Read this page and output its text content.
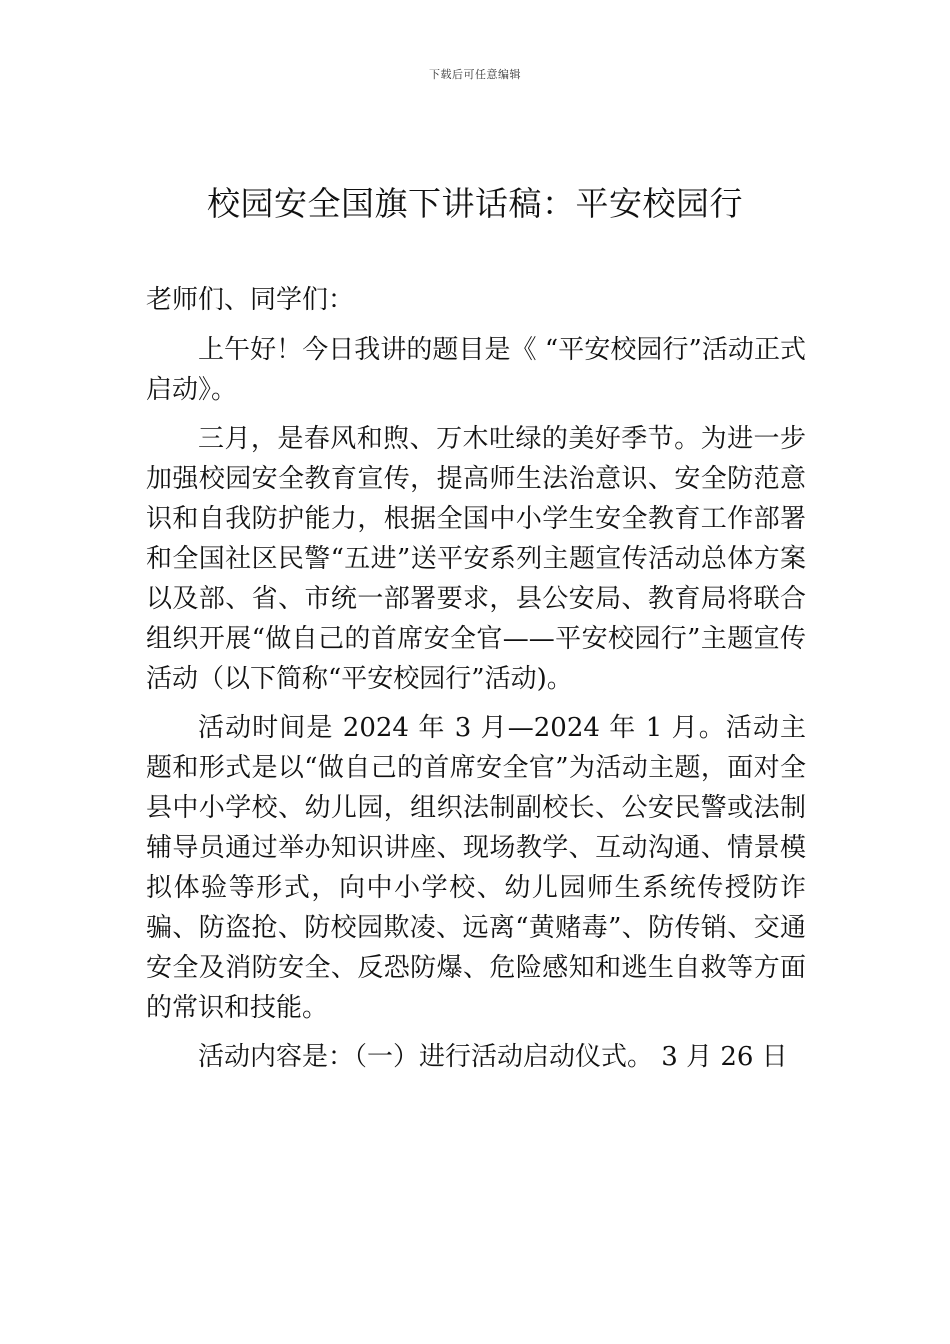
下载后可任意编辑
校园安全国旗下讲话稿：平安校园行

老师们、同学们：

上午好！今日我讲的题目是《 “平安校园行”活动正式启动》。

三月，是春风和煦、万木吐绿的美好季节。为进一步加强校园安全教育宣传，提高师生法治意识、安全防范意识和自我防护能力，根据全国中小学生安全教育工作部署和全国社区民警“五进”送平安系列主题宣传活动总体方案以及部、省、市统一部署要求，县公安局、教育局将联合组织开展“做自己的首席安全官——平安校园行”主题宣传活动（以下简称“平安校园行”活动)。

活动时间是 2024 年 3 月—2024 年 1 月。活动主题和形式是以“做自己的首席安全官”为活动主题，面对全县中小学校、幼儿园，组织法制副校长、公安民警或法制辅导员通过举办知识讲座、现场教学、互动沟通、情景模拟体验等形式，向中小学校、幼儿园师生系统传授防诈骗、防盗抢、防校园欺凌、远离“黄赌毒”、防传销、交通安全及消防安全、反恐防爆、危险感知和逃生自救等方面的常识和技能。

活动内容是：（一）进行活动启动仪式。 3 月 26 日
